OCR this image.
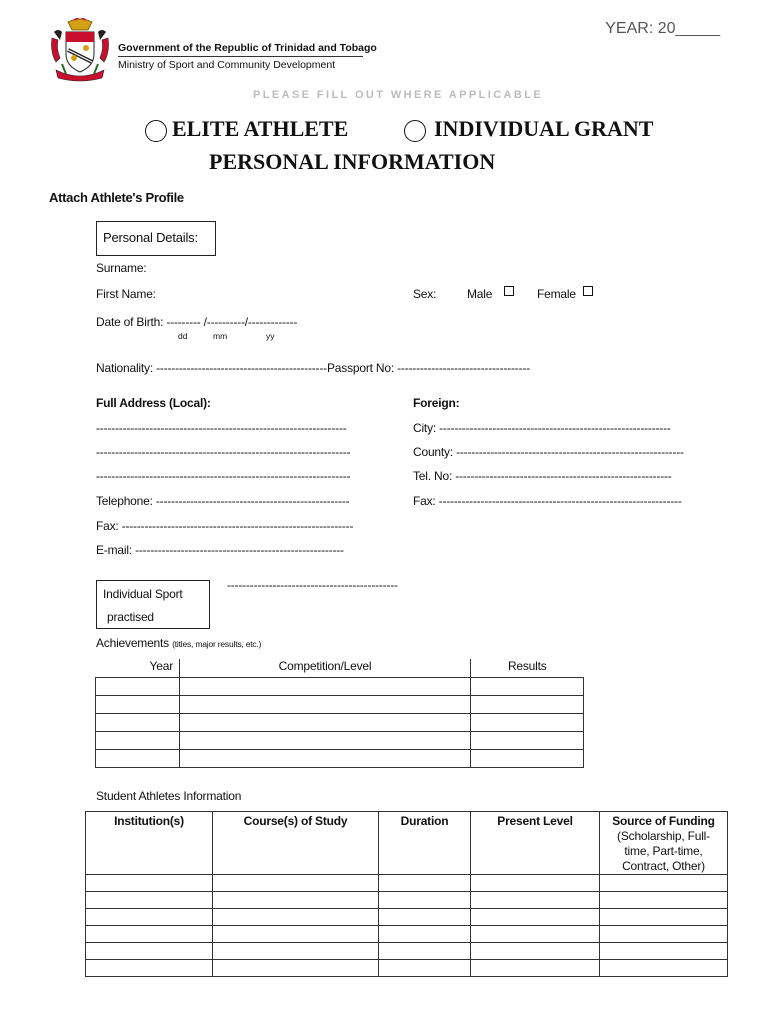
YEAR: 20_____
Government of the Republic of Trinidad and Tobago
Ministry of Sport and Community Development
PLEASE FILL OUT WHERE APPLICABLE
ELITE ATHLETE	INDIVIDUAL GRANT
PERSONAL INFORMATION
Attach Athlete's Profile
Personal Details:
Surname:
First Name:	Sex:	Male	Female
Date of Birth: --------- /----------/-------------
dd	mm	yy
Nationality: --------------------------------------------- Passport No: -----------------------------------
Full Address (Local):	Foreign:
------------------------------------------------------------------	City: -------------------------------------------------------------
-------------------------------------------------------------------	County: ------------------------------------------------------------
-------------------------------------------------------------------	Tel. No: ---------------------------------------------------------
Telephone: ---------------------------------------------------	Fax: ----------------------------------------------------------------
Fax: -------------------------------------------------------------
E-mail: -------------------------------------------------------
Individual Sport
practised
---------------------------------------------
Achievements (titles, major results, etc.)
Year	Competition/Level	Results

Student Athletes Information
Institution(s)	Course(s) of Study	Duration	Present Level	Source of Funding
(Scholarship, Full-time, Part-time, Contract, Other)
